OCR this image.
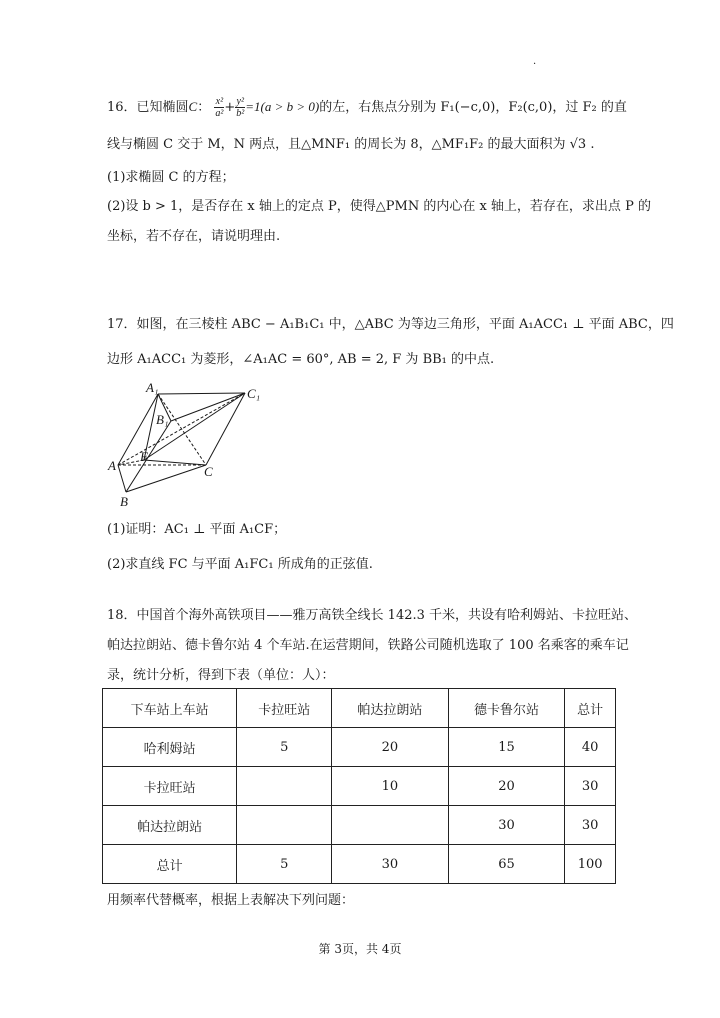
.
16．已知椭圆C： $\frac{\text{x²}}{\text{a²}} + \frac{\text{y²}}{\text{b²}} =1(a > b > 0)$的左，右焦点分别为 F₁(−c,0)，F₂(c,0)，过 F₂ 的直
线与椭圆 C 交于 M，N 两点，且△MNF₁ 的周长为 8，△MF₁F₂ 的最大面积为 √3 .
(1)求椭圆 C 的方程；
(2)设 b > 1，是否存在 x 轴上的定点 P，使得△PMN 的内心在 x 轴上，若存在，求出点 P 的
坐标，若不存在，请说明理由.
17．如图，在三棱柱 ABC − A₁B₁C₁ 中，△ABC 为等边三角形，平面 A₁ACC₁ ⊥ 平面 ABC，四
边形 A₁ACC₁ 为菱形，∠A₁AC = 60°, AB = 2, F 为 BB₁ 的中点.
A₁	C₁
B₁
A
F
C
B
(1)证明：AC₁ ⊥ 平面 A₁CF；
(2)求直线 FC 与平面 A₁FC₁ 所成角的正弦值.
18．中国首个海外高铁项目——雅万高铁全线长 142.3 千米，共设有哈利姆站、卡拉旺站、
帕达拉朗站、德卡鲁尔站 4 个车站.在运营期间，铁路公司随机选取了 100 名乘客的乘车记
录，统计分析，得到下表（单位：人）：
下车站上车站	卡拉旺站	帕达拉朗站	德卡鲁尔站	总计
哈利姆站	5	20	15	40
卡拉旺站		10	20	30
帕达拉朗站			30	30
总计	5	30	65	100
用频率代替概率，根据上表解决下列问题：
第 3页，共 4页
